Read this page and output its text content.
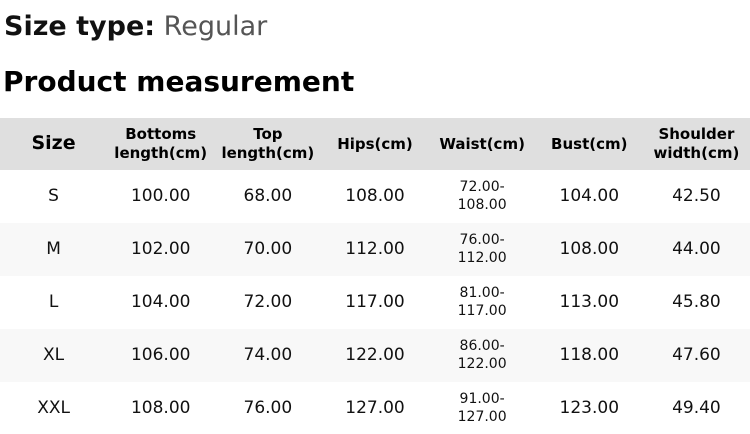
Size type: Regular
Product measurement
Size	Bottoms length(cm)	Top length(cm)	Hips(cm)	Waist(cm)	Bust(cm)	Shoulder width(cm)
S	100.00	68.00	108.00	72.00-108.00	104.00	42.50
M	102.00	70.00	112.00	76.00-112.00	108.00	44.00
L	104.00	72.00	117.00	81.00-117.00	113.00	45.80
XL	106.00	74.00	122.00	86.00-122.00	118.00	47.60
XXL	108.00	76.00	127.00	91.00-127.00	123.00	49.40
